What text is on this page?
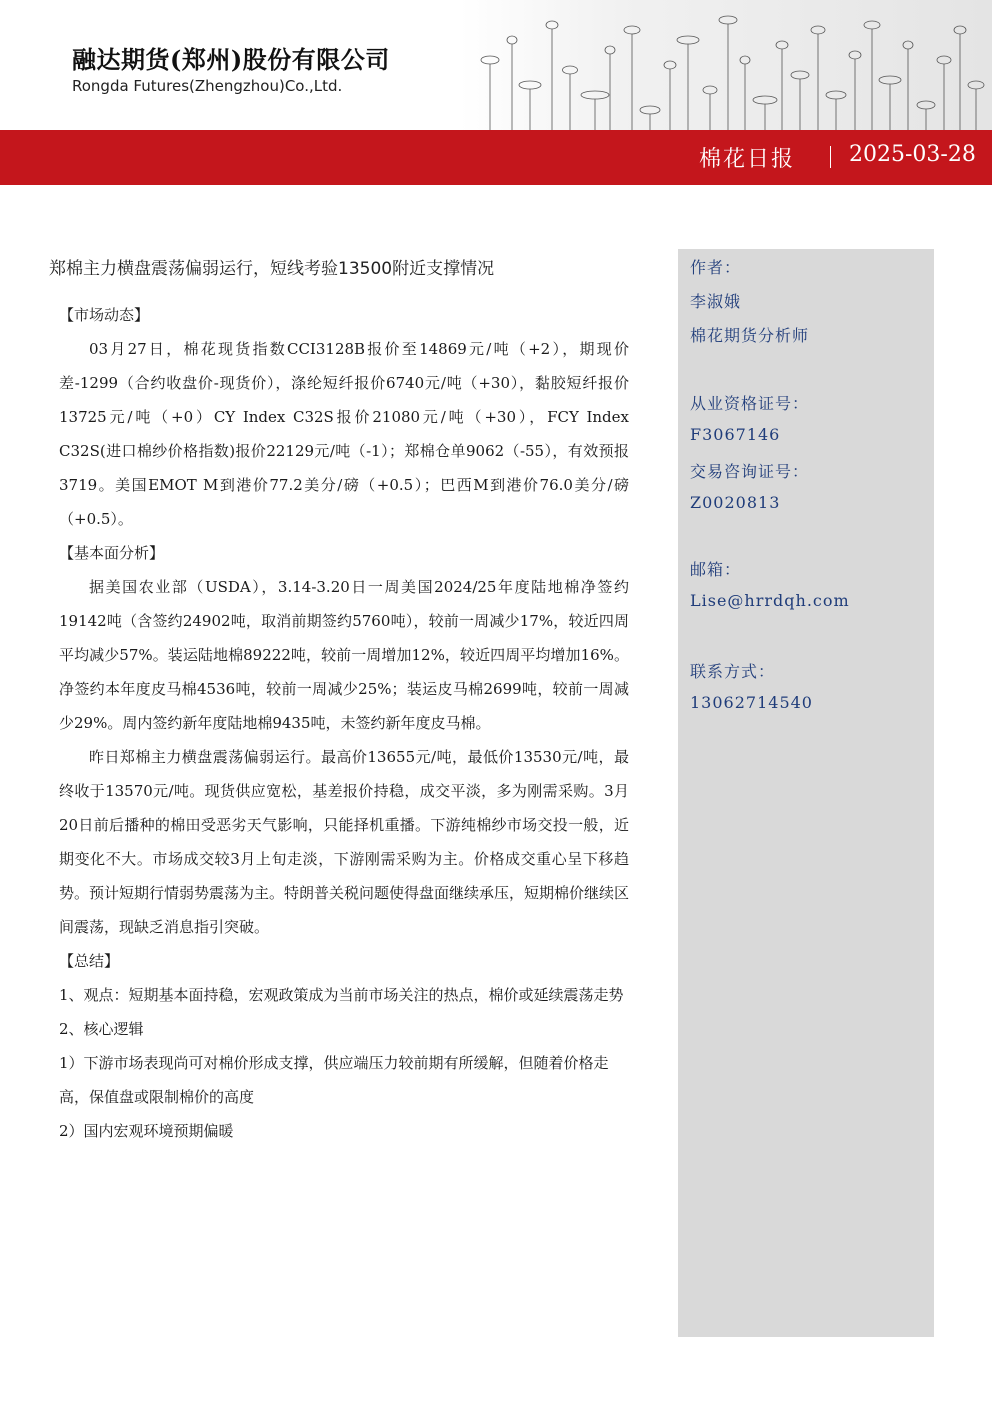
融达期货(郑州)股份有限公司
Rongda Futures(Zhengzhou)Co.,Ltd.
棉花日报 2025-03-28
郑棉主力横盘震荡偏弱运行，短线考验13500附近支撑情况

【市场动态】

03月27日，棉花现货指数CCI3128B报价至14869元/吨（+2），期现价差-1299（合约收盘价-现货价），涤纶短纤报价6740元/吨（+30），黏胶短纤报价13725元/吨（+0）CY Index C32S报价21080元/吨（+30），FCY Index C32S(进口棉纱价格指数)报价22129元/吨（-1）；郑棉仓单9062（-55），有效预报3719。美国EMOT M到港价77.2美分/磅（+0.5）；巴西M到港价76.0美分/磅（+0.5）。

【基本面分析】

据美国农业部（USDA），3.14-3.20日一周美国2024/25年度陆地棉净签约19142吨（含签约24902吨，取消前期签约5760吨），较前一周减少17%，较近四周平均减少57%。装运陆地棉89222吨，较前一周增加12%，较近四周平均增加16%。净签约本年度皮马棉4536吨，较前一周减少25%；装运皮马棉2699吨，较前一周减少29%。周内签约新年度陆地棉9435吨，未签约新年度皮马棉。

昨日郑棉主力横盘震荡偏弱运行。最高价13655元/吨，最低价13530元/吨，最终收于13570元/吨。现货供应宽松，基差报价持稳，成交平淡，多为刚需采购。3月20日前后播种的棉田受恶劣天气影响，只能择机重播。下游纯棉纱市场交投一般，近期变化不大。市场成交较3月上旬走淡，下游刚需采购为主。价格成交重心呈下移趋势。预计短期行情弱势震荡为主。特朗普关税问题使得盘面继续承压，短期棉价继续区间震荡，现缺乏消息指引突破。

【总结】

1、观点：短期基本面持稳，宏观政策成为当前市场关注的热点，棉价或延续震荡走势

2、核心逻辑

1）下游市场表现尚可对棉价形成支撑，供应端压力较前期有所缓解，但随着价格走高，保值盘或限制棉价的高度

2）国内宏观环境预期偏暖

作者：
李淑娥
棉花期货分析师
从业资格证号：
F3067146
交易咨询证号：
Z0020813
邮箱：
Lise@hrrdqh.com
联系方式：
13062714540
